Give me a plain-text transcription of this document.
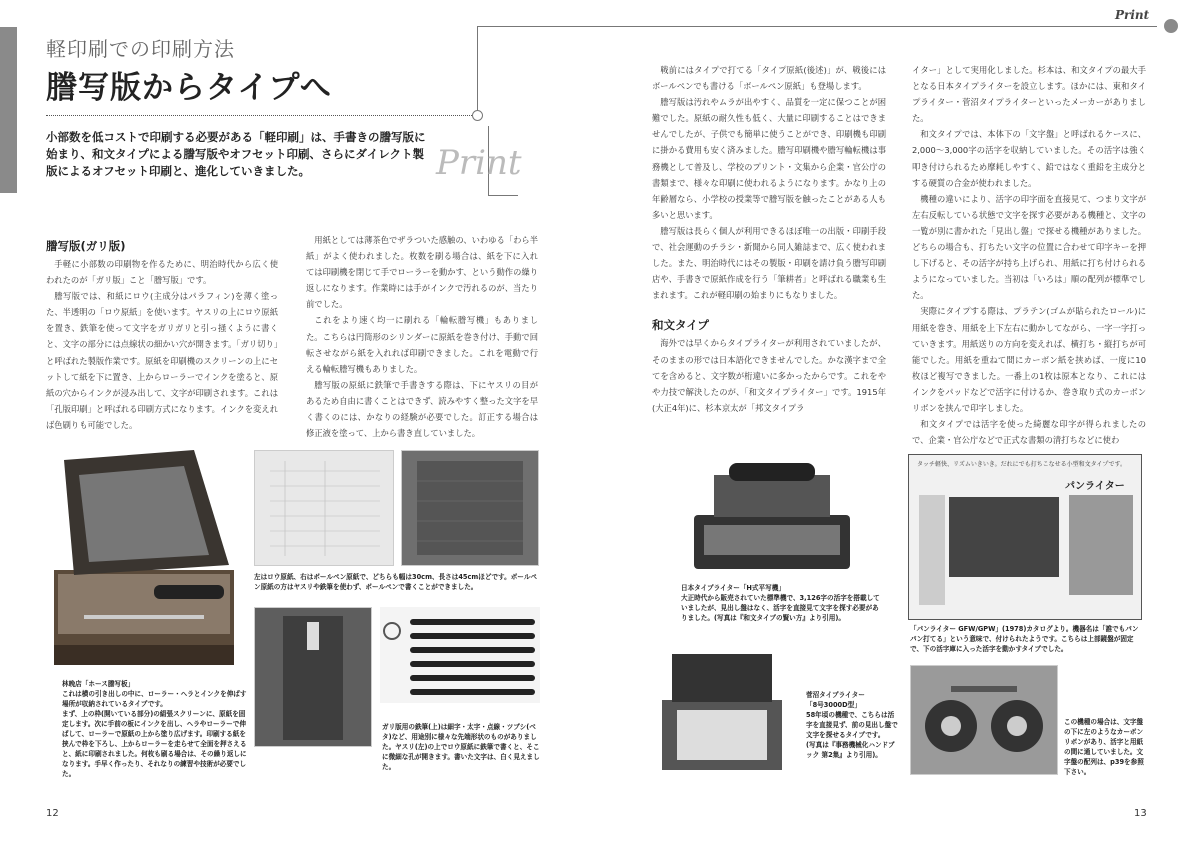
Print
軽印刷での印刷方法
謄写版からタイプへ
小部数を低コストで印刷する必要がある「軽印刷」は、手書きの謄写版に始まり、和文タイプによる謄写版やオフセット印刷、さらにダイレクト製版によるオフセット印刷と、進化していきました。	Print

謄写版(ガリ版)

手軽に小部数の印刷物を作るために、明治時代から広く使われたのが「ガリ版」こと「謄写版」です。

謄写版では、和紙にロウ(主成分はパラフィン)を薄く塗った、半透明の「ロウ原紙」を使います。ヤスリの上にロウ原紙を置き、鉄筆を使って文字をガリガリと引っ掻くように書くと、文字の部分には点線状の細かい穴が開きます。「ガリ切り」と呼ばれた製版作業です。原紙を印刷機のスクリーンの上にセットして紙を下に置き、上からローラーでインクを塗ると、原紙の穴からインクが浸み出して、文字が印刷されます。これは「孔版印刷」と呼ばれる印刷方式になります。インクを変えれば色刷りも可能でした。

用紙としては薄茶色でザラついた感触の、いわゆる「わら半紙」がよく使われました。枚数を刷る場合は、紙を下に入れては印刷機を閉じて手でローラーを動かす、という動作の繰り返しになります。作業時には手がインクで汚れるのが、当たり前でした。

これをより速く均一に刷れる「輪転謄写機」もありました。こちらは円筒形のシリンダーに原紙を巻き付け、手動で回転させながら紙を入れれば印刷できました。これを電動で行える輪転謄写機もありました。

謄写版の原紙に鉄筆で手書きする際は、下にヤスリの目があるため自由に書くことはできず、読みやすく整った文字を早く書くのには、かなりの経験が必要でした。訂正する場合は修正液を塗って、上から書き直していました。

戦前にはタイプで打てる「タイプ原紙(後述)」が、戦後にはボールペンでも書ける「ボールペン原紙」も登場します。

謄写版は汚れやムラが出やすく、品質を一定に保つことが困難でした。原紙の耐久性も低く、大量に印刷することはできませんでしたが、子供でも簡単に使うことができ、印刷機も印刷に掛かる費用も安く済みました。謄写印刷機や謄写輪転機は事務機として普及し、学校のプリント・文集から企業・官公庁の書類まで、様々な印刷に使われるようになります。かなり上の年齢層なら、小学校の授業等で謄写版を触ったことがある人も多いと思います。

謄写版は長らく個人が利用できるほぼ唯一の出版・印刷手段で、社会運動のチラシ・新聞から同人雑誌まで、広く使われました。また、明治時代にはその製版・印刷を請け負う謄写印刷店や、手書きで原紙作成を行う「筆耕者」と呼ばれる職業も生まれます。これが軽印刷の始まりにもなりました。

和文タイプ

海外では早くからタイプライターが利用されていましたが、そのままの形では日本語化できませんでした。かな漢字まで全てを含めると、文字数が桁違いに多かったからです。これをやや力技で解決したのが、「和文タイプライター」です。1915年(大正4年)に、杉本京太が「邦文タイプラ

イター」として実用化しました。杉本は、和文タイプの最大手となる日本タイプライターを設立します。ほかには、東和タイプライター・菅沼タイプライターといったメーカーがありました。

和文タイプでは、本体下の「文字盤」と呼ばれるケースに、2,000〜3,000字の活字を収納していました。その活字は強く叩き付けられるため摩耗しやすく、鉛ではなく重鉛を主成分とする硬質の合金が使われました。

機種の違いにより、活字の印字面を直接見て、つまり文字が左右反転している状態で文字を探す必要がある機種と、文字の一覧が別に書かれた「見出し盤」で探せる機種がありました。どちらの場合も、打ちたい文字の位置に合わせて印字キーを押し下げると、その活字が持ち上げられ、用紙に打ち付けられるようになっていました。当初は「いろは」順の配列が標準でした。

実際にタイプする際は、プラテン(ゴムが貼られたロール)に用紙を巻き、用紙を上下左右に動かしてながら、一字一字打っていきます。用紙送りの方向を変えれば、横打ち・縦打ちが可能でした。用紙を重ねて間にカーボン紙を挟めば、一度に10枚ほど複写できました。一番上の1枚は原本となり、これにはインクをパッドなどで活字に付けるか、巻き取り式のカーボンリボンを挟んで印字しました。

和文タイプでは活字を使った綺麗な印字が得られましたので、企業・官公庁などで正式な書類の清打ちなどに使わ

左はロウ原紙、右はボールペン原紙で、どちらも幅は30cm、長さは45cmほどです。ボールペン原紙の方はヤスリや鉄筆を使わず、ボールペンで書くことができました。
ガリ版用の鉄筆(上)は細字・太字・点線・ツブシ(ベタ)など、用途別に様々な先端形状のものがありました。ヤスリ(左)の上でロウ原紙に鉄筆で書くと、そこに微細な孔が開きます。書いた文字は、白く見えました。
林晚店「ホース謄写板」
これは横の引き出しの中に、ローラー・ヘラとインクを伸ばす場所が収納されているタイプです。
まず、上の枠(開いている部分)の絹張スクリーンに、原紙を固定します。次に手前の板にインクを出し、ヘラやローラーで伸ばして、ローラーで原紙の上から塗り広げます。印刷する紙を挟んで枠を下ろし、上からローラーを走らせて全面を押さえると、紙に印刷されました。何枚も刷る場合は、その繰り返しになります。手早く作ったり、それなりの練習や技術が必要でした。
日本タイプライター「H式平写機」
大正時代から販売されていた標準機で、3,126字の活字を搭載していましたが、見出し盤はなく、活字を直接見て文字を探す必要がありました。(写真は『和文タイプの賢い方』より引用)。
菅沼タイプライター
「8号3000D型」
58年頃の機種で、こちらは活字を直接見ず、前の見出し盤で文字を探せるタイプです。
(写真は『事務機械化ハンドブック 第2集』より引用)。
タッチ軽快、リズムいきいき。だれにでも打ちこなせる小型和文タイプです。
パンライター
「パンライター GFW/GPW」(1978)カタログより。機器名は「誰でもパンパン打てる」という意味で、付けられたようです。こちらは上部鏡盤が固定で、下の活字庫に入った活字を動かすタイプでした。
この機種の場合は、文字盤の下に左のようなカーボンリボンがあり、活字と用紙の間に通していました。文字盤の配列は、p39を参照下さい。
12	13
